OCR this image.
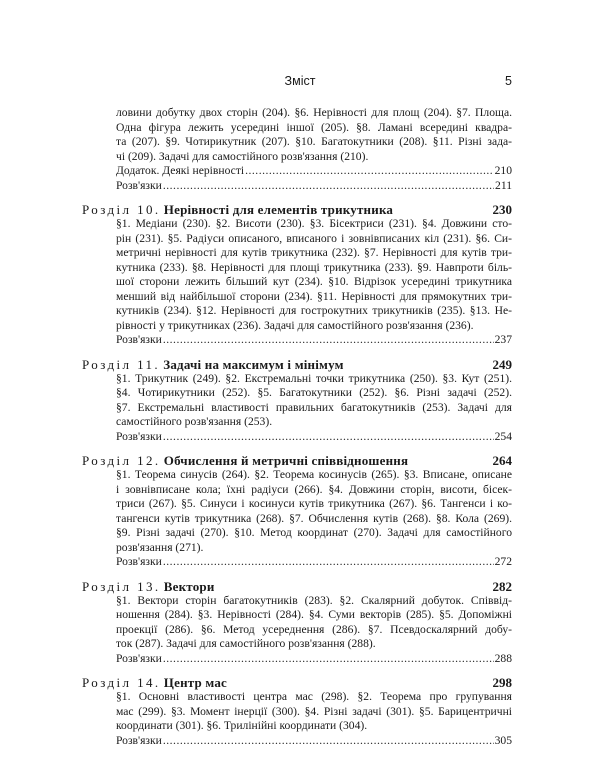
Зміст	5
ловини добутку двох сторін (204). §6. Нерівності для площ (204). §7. Площа.
Одна фігура лежить усередині іншої (205). §8. Ламані всередині квадра-
та (207). §9. Чотирикутник (207). §10. Багатокутники (208). §11. Різні зада-
чі (209). Задачі для самостійного розв'язання (210).
Додаток. Деякі нерівності .....	210
Розв'язки .....	211
Розділ 10. Нерівності для елементів трикутника	230
§1. Медіани (230). §2. Висоти (230). §3. Бісектриси (231). §4. Довжини сто-
рін (231). §5. Радіуси описаного, вписаного і зовнівписаних кіл (231). §6. Си-
метричні нерівності для кутів трикутника (232). §7. Нерівності для кутів три-
кутника (233). §8. Нерівності для площі трикутника (233). §9. Навпроти біль-
шої сторони лежить більший кут (234). §10. Відрізок усередині трикутника
менший від найбільшої сторони (234). §11. Нерівності для прямокутних три-
кутників (234). §12. Нерівності для гострокутних трикутників (235). §13. Не-
рівності у трикутниках (236). Задачі для самостійного розв'язання (236).
Розв'язки .....	237
Розділ 11. Задачі на максимум і мінімум	249
§1. Трикутник (249). §2. Екстремальні точки трикутника (250). §3. Кут (251).
§4. Чотирикутники (252). §5. Багатокутники (252). §6. Різні задачі (252).
§7. Екстремальні властивості правильних багатокутників (253). Задачі для
самостійного розв'язання (253).
Розв'язки .....	254
Розділ 12. Обчислення й метричні співвідношення	264
§1. Теорема синусів (264). §2. Теорема косинусів (265). §3. Вписане, описане
і зовнівписане кола; їхні радіуси (266). §4. Довжини сторін, висоти, бісек-
триси (267). §5. Синуси і косинуси кутів трикутника (267). §6. Тангенси і ко-
тангенси кутів трикутника (268). §7. Обчислення кутів (268). §8. Кола (269).
§9. Різні задачі (270). §10. Метод координат (270). Задачі для самостійного
розв'язання (271).
Розв'язки .....	272
Розділ 13. Вектори	282
§1. Вектори сторін багатокутників (283). §2. Скалярний добуток. Співвід-
ношення (284). §3. Нерівності (284). §4. Суми векторів (285). §5. Допоміжні
проекції (286). §6. Метод усереднення (286). §7. Псевдоскалярний добу-
ток (287). Задачі для самостійного розв'язання (288).
Розв'язки .....	288
Розділ 14. Центр мас	298
§1. Основні властивості центра мас (298). §2. Теорема про групування
мас (299). §3. Момент інерції (300). §4. Різні задачі (301). §5. Барицентричні
координати (301). §6. Трилінійні координати (304).
Розв'язки .....	305
